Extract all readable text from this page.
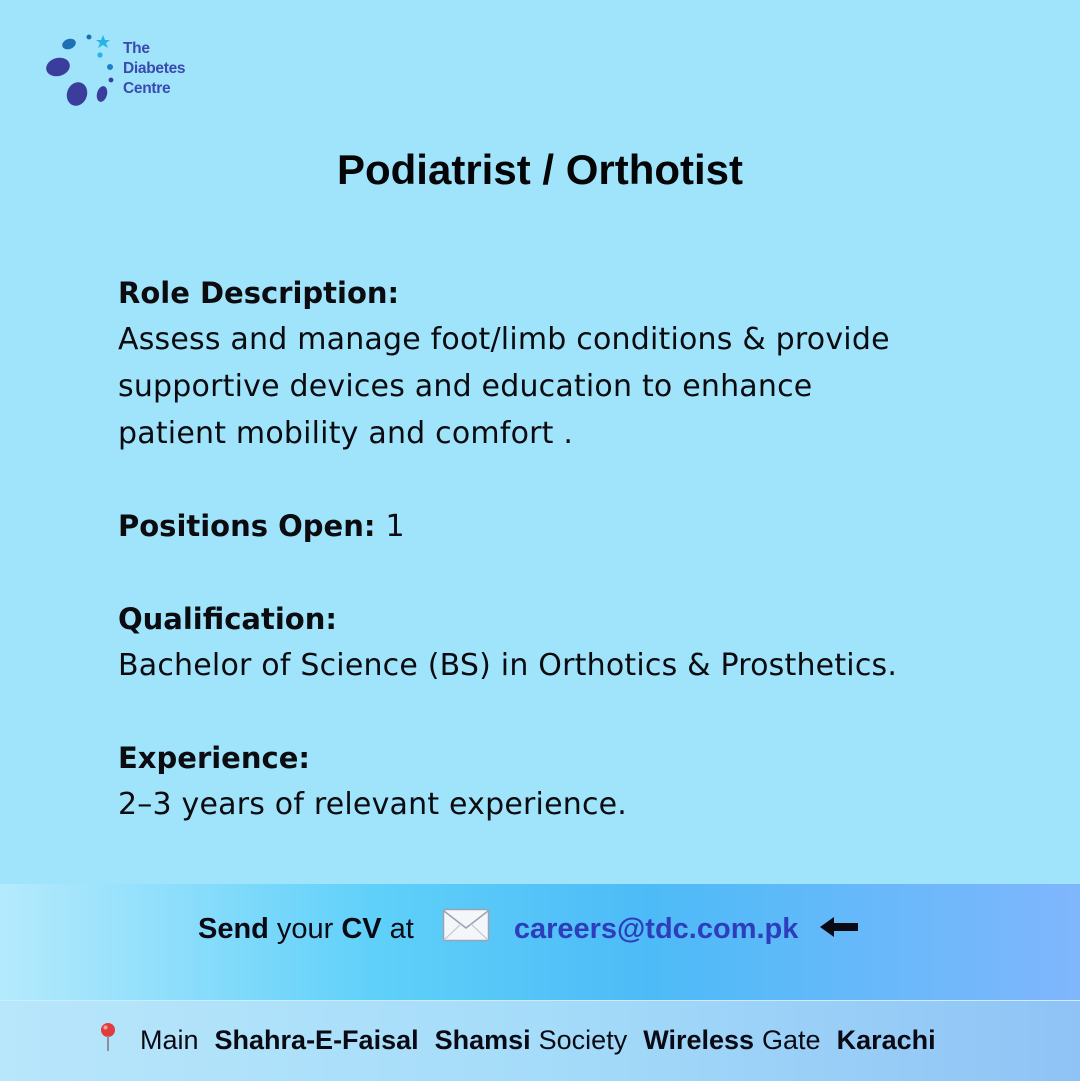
The
Diabetes
Centre
Podiatrist / Orthotist
Role Description:
Assess and manage foot/limb conditions & provide
supportive devices and education to enhance
patient mobility and comfort .
Positions Open: 1
Qualification:
Bachelor of Science (BS) in Orthotics & Prosthetics.
Experience:
2–3 years of relevant experience.
Send your CV at	careers@tdc.com.pk
Main Shahra-E-Faisal Shamsi Society Wireless Gate Karachi
